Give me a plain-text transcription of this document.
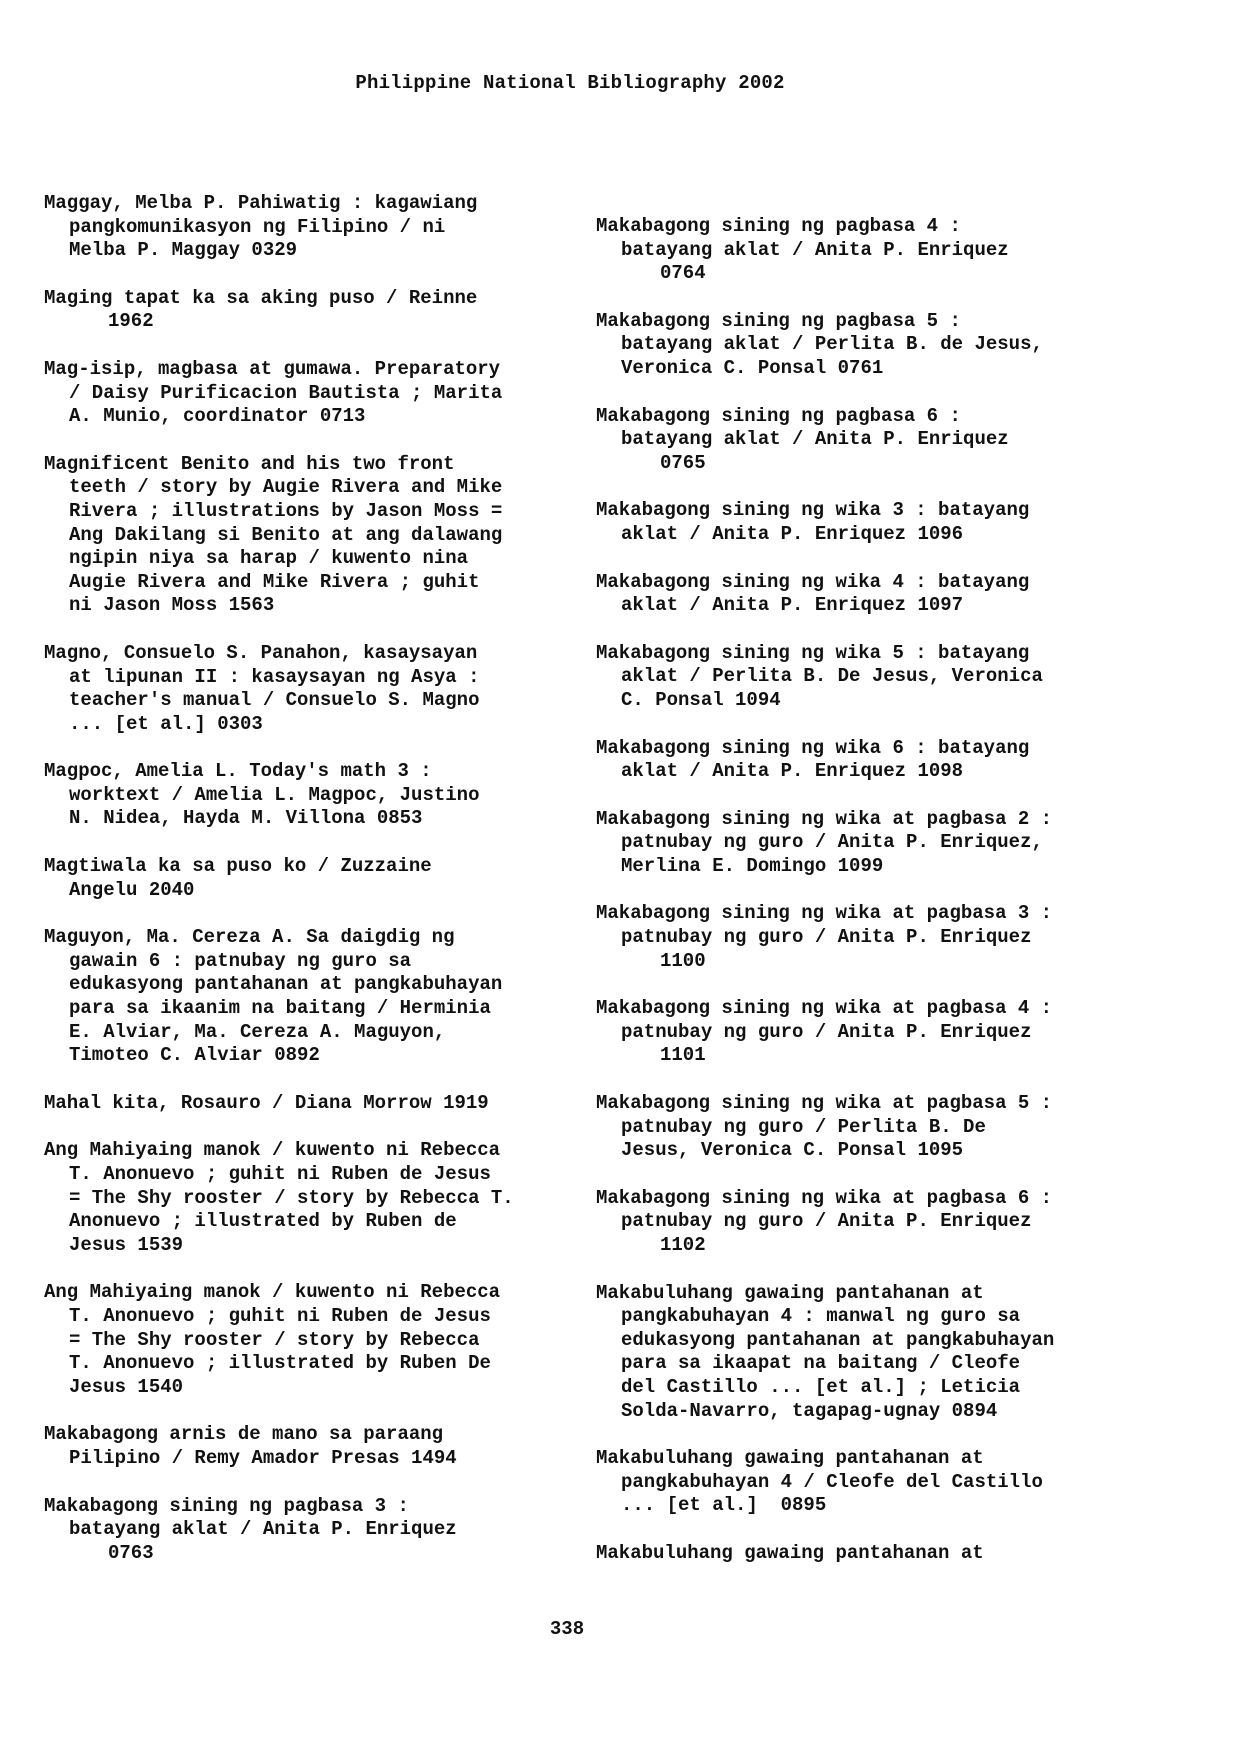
Philippine National Bibliography 2002
Maggay, Melba P. Pahiwatig : kagawiang
pangkomunikasyon ng Filipino / ni
Melba P. Maggay 0329
Maging tapat ka sa aking puso / Reinne
1962
Mag-isip, magbasa at gumawa. Preparatory
/ Daisy Purificacion Bautista ; Marita
A. Munio, coordinator 0713
Magnificent Benito and his two front
teeth / story by Augie Rivera and Mike
Rivera ; illustrations by Jason Moss =
Ang Dakilang si Benito at ang dalawang
ngipin niya sa harap / kuwento nina
Augie Rivera and Mike Rivera ; guhit
ni Jason Moss 1563
Magno, Consuelo S. Panahon, kasaysayan
at lipunan II : kasaysayan ng Asya :
teacher's manual / Consuelo S. Magno
... [et al.] 0303
Magpoc, Amelia L. Today's math 3 :
worktext / Amelia L. Magpoc, Justino
N. Nidea, Hayda M. Villona 0853
Magtiwala ka sa puso ko / Zuzzaine
Angelu 2040
Maguyon, Ma. Cereza A. Sa daigdig ng
gawain 6 : patnubay ng guro sa
edukasyong pantahanan at pangkabuhayan
para sa ikaanim na baitang / Herminia
E. Alviar, Ma. Cereza A. Maguyon,
Timoteo C. Alviar 0892
Mahal kita, Rosauro / Diana Morrow 1919
Ang Mahiyaing manok / kuwento ni Rebecca
T. Anonuevo ; guhit ni Ruben de Jesus
= The Shy rooster / story by Rebecca T.
Anonuevo ; illustrated by Ruben de
Jesus 1539
Ang Mahiyaing manok / kuwento ni Rebecca
T. Anonuevo ; guhit ni Ruben de Jesus
= The Shy rooster / story by Rebecca
T. Anonuevo ; illustrated by Ruben De
Jesus 1540
Makabagong arnis de mano sa paraang
Pilipino / Remy Amador Presas 1494
Makabagong sining ng pagbasa 3 :
batayang aklat / Anita P. Enriquez
0763
Makabagong sining ng pagbasa 4 :
batayang aklat / Anita P. Enriquez
0764
Makabagong sining ng pagbasa 5 :
batayang aklat / Perlita B. de Jesus,
Veronica C. Ponsal 0761
Makabagong sining ng pagbasa 6 :
batayang aklat / Anita P. Enriquez
0765
Makabagong sining ng wika 3 : batayang
aklat / Anita P. Enriquez 1096
Makabagong sining ng wika 4 : batayang
aklat / Anita P. Enriquez 1097
Makabagong sining ng wika 5 : batayang
aklat / Perlita B. De Jesus, Veronica
C. Ponsal 1094
Makabagong sining ng wika 6 : batayang
aklat / Anita P. Enriquez 1098
Makabagong sining ng wika at pagbasa 2 :
patnubay ng guro / Anita P. Enriquez,
Merlina E. Domingo 1099
Makabagong sining ng wika at pagbasa 3 :
patnubay ng guro / Anita P. Enriquez
1100
Makabagong sining ng wika at pagbasa 4 :
patnubay ng guro / Anita P. Enriquez
1101
Makabagong sining ng wika at pagbasa 5 :
patnubay ng guro / Perlita B. De
Jesus, Veronica C. Ponsal 1095
Makabagong sining ng wika at pagbasa 6 :
patnubay ng guro / Anita P. Enriquez
1102
Makabuluhang gawaing pantahanan at
pangkabuhayan 4 : manwal ng guro sa
edukasyong pantahanan at pangkabuhayan
para sa ikaapat na baitang / Cleofe
del Castillo ... [et al.] ; Leticia
Solda-Navarro, tagapag-ugnay 0894
Makabuluhang gawaing pantahanan at
pangkabuhayan 4 / Cleofe del Castillo
... [et al.]  0895
Makabuluhang gawaing pantahanan at
338
